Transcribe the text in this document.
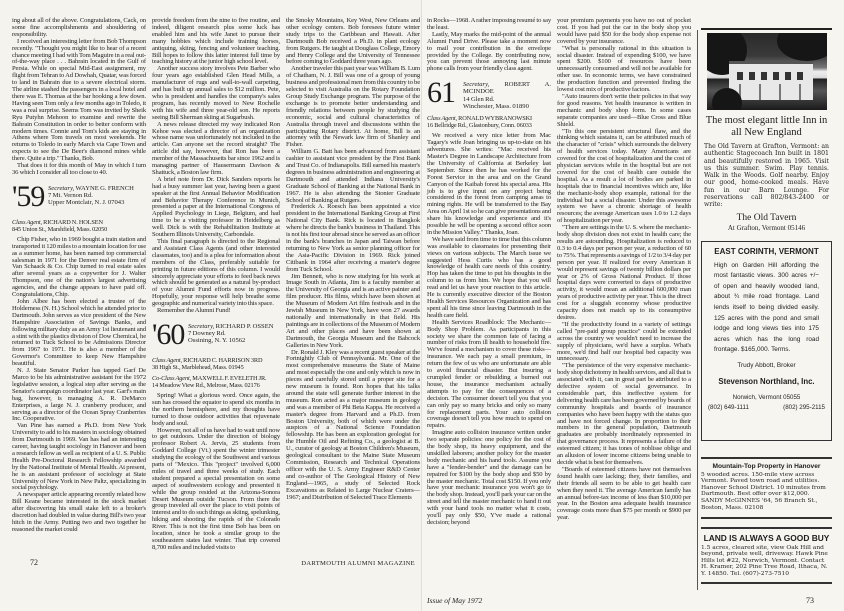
ing about all of the above. Congratulations, Cack, on some fine accomplishments and shouldering of responsibility.

I received an interesting letter from Bob Thompson recently. "Thought you might like to hear of a recent chance meeting I had with Tom Maguire in a real out-of-the-way place . . . Bahrain located in the Gulf of Persia. While on special Mid-East assignment, my flight from Tehran to Ad Dowhah, Quatar, was forced to land in Bahrain due to a severe electrical storm. The airline stashed the passengers in a local hotel and there was E. Thomas at the bar hooking a few down. Having seen Tom only a few months ago in Toledo, it was a real surprise. Seems Tom was invited by Sheik Ryu Putyhn Mehoon to examine and rewrite the Bahrain Constitution in order to better conform with modern times. Connie and Tom's kids are staying in Athens where Tom travels on most weekends. He returns to Toledo in early March via Cape Town and expects to see the De Beer's diamond mines while there. Quite a trip." Thanks, Bob.

That does it for this month of May in which I turn 36 which I consider all too close to 40.

'59 Secretary, WAYNE G. FRENCH
7 Mt. Vernon Rd.
Upper Montclair, N. J. 07043

Class Agent, RICHARD N. HOLSEN
845 Union St., Marshfield, Mass. 02050

Chip Fisher, who in 1969 bought a train station and transported it 120 miles to a mountain location for use as a summer home, has been named top commercial salesman in 1971 for the Denver real estate firm of Van Schaack & Co. Chip turned to real estate sales after several years as a copywriter for J. Walter Thompson, one of the nation's largest advertising agencies, and the change appears to have paid off. Congratulations, Chip.

John Albee has been elected a trustee of the Holderness (N. H.) School which he attended prior to Dartmouth. John serves as vice president of the New Hampshire Association of Savings Banks, and following military duty as an Army 1st lieutenant and a stint with the plastics division of Dow Chemical, he returned to Tuck School to be Admissions Director from 1967 to 1971. He is also a member of the Governor's Committee to keep New Hampshire beautiful.

N. J. State Senator Parker has tapped Garf De Marco to be his administrative assistant for the 1972 legislative session, a logical step after serving as the Senator's campaign coordinator last year. Garf's main bag, however, is managing A. R. DeMarco Enterprises, a large N. J. cranberry producer, and serving as a director of the Ocean Spray Cranberries Inc. Cooperative.

Van Pine has earned a Ph.D. from New York University to add to his masters in sociology obtained from Dartmouth in 1969. Van has had an interesting career, having taught sociology in Hanover and been a research fellow as well as recipient of a U. S. Public Health Pre-Doctoral Research Fellowship awarded by the National Institute of Mental Health. At present, he is an assistant professor of sociology at State University of New York in New Paltz, specializing in social psychology.

A newspaper article appearing recently related how Bill Keane became interested in the stock market after discovering his small stake left to a broker's discretion had doubled in value during Bill's two year hitch in the Army. Putting two and two together he reasoned the market could

provide freedom from the nine to five routine, and indeed, diligent research plus some luck has enabled him and his wife Janet to pursue their many hobbies which include training horses, antiquing, skiing, fencing and volunteer teaching. Bill hopes to follow this latter interest full time by teaching history at the junior high school level.

Another success story involves Pete Barber who four years ago established Glen Head Mills, a manufacturer of rugs and wall-to-wall carpeting, and has built up annual sales to $12 million. Pete, who is president and handles the company's sales program, has recently moved to New Rochelle with his wife and three year-old son. He reports seeing Bill Sherman skiing at Sugarbush.

A news release directed my way indicated Ron Kehoe was elected a director of an organization whose name was unfortunately not included in the article. Can anyone set the record straight? The article did say, however, that Ron has been a member of the Massachusetts bar since 1962 and is managing partner of Hausermann Davison & Shattuck, a Boston law firm.

A brief note from Dr. Dick Sanders reports he had a busy summer last year, having been a guest speaker at the first Annual Behavior Modification and Behavior Therapy Conference in Munich, presented a paper at the International Congress of Applied Psychology in Liege, Belgium, and had time to be a visiting professor in Heidelberg as well. Dick is with the Rehabilitation Institute at Southern Illinois University, Carbondale.

This final paragraph is directed to the Regional and Assistant Class Agents (and other interested classmates, too) and is a plea for information about members of the Class, preferably suitable for printing in future editions of this column. I would sincerely appreciate your efforts to feed back news which should be generated as a natural by-product of your Alumni Fund efforts now in progress. Hopefully, your response will help breathe some geographic and numerical variety into this space.

Remember the Alumni Fund!

'60 Secretary, RICHARD P. OSSEN
7 Downey Rd.
Ossining, N. Y. 10562

Class Agent, RICHARD C. HARRISON 3RD
38 High St., Marblehead, Mass. 01945

Co-Class Agent, MAXWELL F. EVELETH JR.
14 Meadow View Rd., Melrose, Mass. 02176

Spring! What a glorious word. Once again, the sun has crossed the equator to spend six months in the northern hemisphere, and my thoughts have turned to those outdoor activities that rejuvenate body and soul.

However, not all of us have had to wait until now to get outdoors. Under the direction of biology professor Robert A. Jervis, 25 students from Goddard College (Vt.) spent the winter trimester studying the ecology of the Southwest and various parts of "Mexico. This "project" involved 6,000 miles of travel and three weeks of study. Each student prepared a special presentation on some aspect of southwestern ecology and presented it while the group resided at the Arizona-Sonora Desert Museum outside Tucson. From there the group traveled all over the place to visit points of interest and to do such things as skiing, spelunking, hiking and shooting the rapids of the Colorado River. This is not the first time Bob has been on location, since he took a similar group to the southeastern states last winter. That trip covered 8,700 miles and included visits to

the Smoky Mountains, Key West, New Orleans and other ecology centers. Bob foresees future winter study trips to the Caribbean and Hawaii. After Dartmouth Bob received a Ph.D. in plant ecology from Rutgers. He taught at Douglass College, Emory and Henry College and the University of Tennessee before coming to Goddard three years ago.

Another traveler this past year was William B. Lum of Chatham, N. J. Bill was one of a group of young business and professional men from this country to be selected to visit Australia on the Rotary Foundation Group Study Exchange program. The purpose of the exchange is to promote better understanding and friendly relations between people by studying the economic, social and cultural characteristics of Australia through travel and discussions within the participating Rotary district. At home, Bill is an attorney with the Newark law firm of Shanley and Fisher.

William G. Batt has been advanced from assistant cashier to assistant vice president by the First Bank and Trust Co. of Indianapolis. Bill earned his master's degrees in business administration and engineering at Dartmouth and attended Indiana University's Graduate School of Banking at the National Bank in 1967. He is also attending the Stonier Graduate School of Banking at Rutgers.

Frederick A. Roesch has been appointed a vice president in the International Banking Group at First National City Bank. Rick is located in Bangkok where he directs the bank's business in Thailand. This is not his first tour abroad since he served as an officer in the bank's branches in Japan and Taiwan before returning to New York as senior planning officer for the Asia-Pacific Division in 1969. Rick joined Citibank in 1964 after receiving a master's degree from Tuck School.

Jim Bennett, who is now studying for his work at Image South in Atlanta, Jim is a faculty member at the University of Georgia and is an active painter and film producer. His films, which have been shown at the Museum of Modern Art film festivals and in the Jewish Museum in New York, have won 27 awards nationally and internationally in that field. His paintings are in collections of the Museum of Modern Art and other places and have been shown at Dartmouth, the Georgia Museum and the Babcock Galleries in New York.

Dr. Ronald J. Kley was a recent guest speaker at the Fortnightly Club of Pennsylvania. Mr. One of the most comprehensive museums the State of Maine and most especially the one and only which is now in pieces and carefully stored until a proper site for a new museum is found. Ron hopes that his talks around the state will generate further interest in the museum. Ron acted as a major museum in geology and was a member of Phi Beta Kappa. He received a master's degree from Harvard and a Ph.D. from Boston University, both of which were under the auspices of a National Science Foundation fellowship. He has been an exploration geologist for the Humble Oil and Refining Co., a geologist at B. U., curator of geology at Boston Children's Museum, geological consultant to the Maine State Museum Commission, Research and Technical Operations officer with the U. S. Army Engineer R&D Center and co-author of The Geological History of New England—1965, a study of Selected Rock Excavations as Related to Large Nuclear Craters—1967; and Distribution of Selected Trace Elements

72	DARTMOUTH ALUMNI MAGAZINE

in Rocks—1968. A rather imposing resumé to say the least.

Lastly, May marks the mid-point of the annual Alumni Fund Drive. Please take a moment now to mail your contribution in the envelope provided by the College. By contributing now, you can prevent those annoying last minute phone calls from your friendly class agent.

61 Secretary, ROBERT A. MCINDOE
14 Glen Rd.
Winchester, Mass. 01890

Class Agent, RONALD WYBRANOWSKI
16 Bellridge Rd., Glastonbury, Conn. 06033

We received a very nice letter from Mac Tagary's wife Joan bringing us up-to-date on his adventures. She writes: "Mac received his Master's Degree in Landscape Architecture from the University of California at Berkeley last September. Since then he has worked for the Forest Service in the area and on the Grand Canyon of the Kaibab forest his special area. His job is to give input on any project being considered in the forest from camping areas to mining rights. He will be transferred to the Bay Area on April 1st so he can give presentations and share his knowledge and experience and it's possible he will be opening a second office soon in the Mission Valley." Thanks, Joan.

We have said from time to time that this column was available to classmates for presenting their views on various subjects. The March issue we suggested Hess Curtis who has a good knowledge of health care needs of this country. Hop has taken the time to put his thoughts in the column to us from him. We hope that you will read and let us have your reaction to this article. He is currently executive director of the Boston Health Services Resources Organization and has spent all his time since leaving Dartmouth in the health care field.

Health Services Roadblock: The Mechanic—Body Shop Problem. As participants in this society we share the common fate of facing a number of risks from ill health to household fire. We've found a mechanism to cover these risks—insurance. We each pay a small premium, in return the few of us who are unfortunate are able to avoid financial disaster. But insuring a crumpled fender or rebuilding a burned out house, the insurance mechanism actually attempts to pay for the consequences of a decision. The consumer doesn't tell you that you can only pay so many bricks and only so many for replacement parts. Your auto collision coverage doesn't tell you how much to spend on repairs.

Imagine auto collision insurance written under two separate policies: one policy for the cost of the body shop, its heavy equipment, and the unskilled laborers; another policy for the master body mechanic and his hand tools. Assume you have a "fender-bender" and the damage can be repaired for $100 by the body shop and $50 by the master mechanic. Total cost $150. If you only have your mechanic insurance you won't go to the body shop. Instead, you'll park your car on the street and tell the master mechanic to hand it out with your hand tools no matter what it costs, you'll pay only $50, Y've made a rational decision; beyond

your premium payments you have no out of pocket cost. If you had put the car in the body shop you would have paid $50 for the body shop expense not covered by your insurance.

"What is personally rational in this situation is social disaster. Instead of expending $100, we have spent $200. $100 of resources have been unnecessarily consumed and will not be available for other use. In economic terms, we have constrained the production function and prevented finding the lowest cost mix of productive factors.

"Auto insurers don't write their policies in that way for good reasons. Yet health insurance is written in mechanic and body shop form. In some cases separate companies are used—Blue Cross and Blue Shield.

"To this one persistent structural flaw, and the thinking which sustains it, can be attributed much of the character of "crisis" which surrounds the delivery of health services today. Many Americans are covered for the cost of hospitalization and the cost of physician services while in the hospital but are not covered for the cost of health care outside the hospital. As a result a lot of bodies are parked in hospitals due to financial incentives which are, like the mechanic-body shop example, rational for the individual but a social disaster. Under this awesome system we have a chronic shortage of health resources; the average American uses 1.0 to 1.2 days of hospitalization per year.

"There are settings in the U. S. where the mechanic-body shop division does not exist in health care; the results are astounding. Hospitalization is reduced to 0.3 to 0.4 days per person per year, a reduction of 60 to 75%. That represents a savings of 1/2 to 3/4 day per person per year. If realized for every American it would represent savings of twenty billion dollars per year or 2% of Gross National Product. If those hospital days were converted to days of productive activity, it would mean an additional 600,000 man years of productive activity per year. This is the direct cost for a sluggish economy whose productive capacity does not match up to its consumptive desires.

"If the productivity found in a variety of settings called "pre-paid group practice" could be extended across the country we wouldn't need to increase the supply of physicians, we'd have a surplus. What's more, we'd find half our hospital bed capacity was unnecessary.

"The persistence of the very expensive mechanic-body shop dichotomy in health services, and all that is associated with it, can in great part be attributed to a defective system of social governance. In considerable part, this ineffective system for delivering health care has been governed by boards of community hospitals and boards of insurance companies who have been happy with the status quo and have not forced change. In proportion to their numbers in the general population, Dartmouth graduates are probably inordinately represented in that governance process. It represents a failure of the esteemed citizen; it has tones of noblisse oblige and an allusion of lower income citizens being unable to decide what is best for themselves.

"Boards of esteemed citizens have not themselves found health care lacking; they, their families, and their friends all seem to be able to get health care when they need it. The average American family has an annual before-tax income of less than $10,000 per year. In the Boston area adequate health insurance coverage costs more than $75 per month or $900 per year.

The most elegant little Inn in all New England
The Old Tavern at Grafton, Vermont: an authentic Stagecoach Inn built in 1801 and beautifully restored in 1965. Visit us this summer. Swim. Play tennis. Walk in the Woods. Golf nearby. Enjoy our good, home-cooked meals. Have fun in our Barn Lounge. For reservations call 802/843-2400 or write:
The Old Tavern
At Grafton, Vermont 05146
EAST CORINTH, VERMONT
High on Garden Hill affording the most fantastic views. 300 acres +/− of open and heavily wooded land, about ¾ mile road frontage. Land lends itself to being divided easily. 125 acres with the pond and small lodge and long views ties into 175 acres which has the long road frontage. $165,000. Terms.
Trudy Abbott, Broker
Stevenson Northland, Inc.
Norwich, Vermont 05055
(802) 649-1111	(802) 295-2115
Mountain-Top Property in Hanover
5 wooded acres. 150-mile view across Vermont. Paved town road and utilities. Hanover School District. 10 minutes from Dartmouth. Best offer over $12,000.
SANDY McGINNES '64, 56 Branch St., Boston, Mass. 02108
LAND IS ALWAYS A GOOD BUY
1.5 acres, cleared site, view Oak Hill and beyond, private well, driveway. Hawk Pine Hills lot #22, Norwich, Vermont. Contact H. Kramer, 202 Pine Tree Road, Ithaca, N. Y. 14850. Tel. (607)-273-7510
Issue of May 1972	73
